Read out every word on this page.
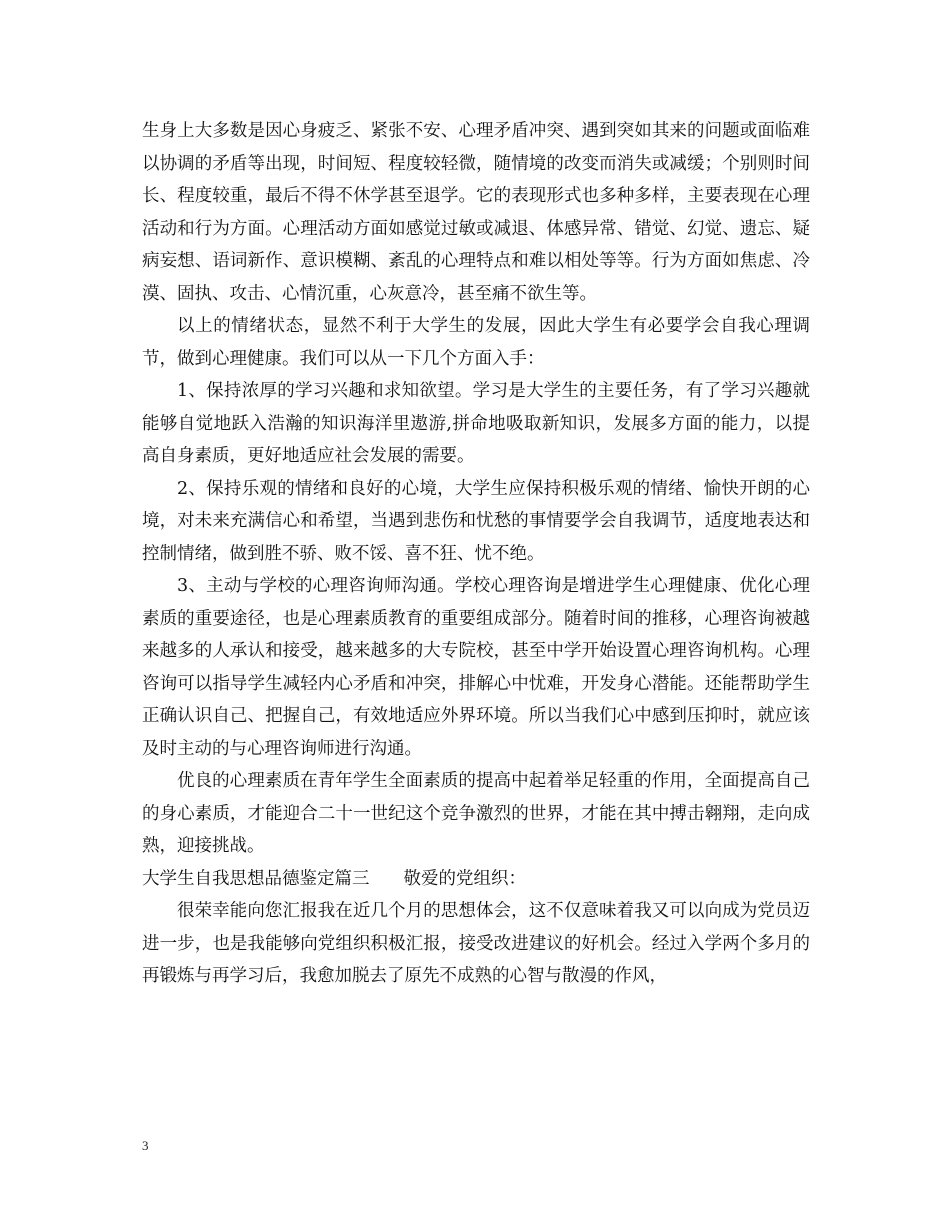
生身上大多数是因心身疲乏、紧张不安、心理矛盾冲突、遇到突如其来的问题或面临难以协调的矛盾等出现，时间短、程度较轻微，随情境的改变而消失或减缓；个别则时间长、程度较重，最后不得不休学甚至退学。它的表现形式也多种多样，主要表现在心理活动和行为方面。心理活动方面如感觉过敏或减退、体感异常、错觉、幻觉、遗忘、疑病妄想、语词新作、意识模糊、紊乱的心理特点和难以相处等等。行为方面如焦虑、冷漠、固执、攻击、心情沉重，心灰意冷，甚至痛不欲生等。

以上的情绪状态，显然不利于大学生的发展，因此大学生有必要学会自我心理调节，做到心理健康。我们可以从一下几个方面入手：

1、保持浓厚的学习兴趣和求知欲望。学习是大学生的主要任务，有了学习兴趣就能够自觉地跃入浩瀚的知识海洋里遨游,拼命地吸取新知识，发展多方面的能力，以提高自身素质，更好地适应社会发展的需要。

2、保持乐观的情绪和良好的心境，大学生应保持积极乐观的情绪、愉快开朗的心境，对未来充满信心和希望，当遇到悲伤和忧愁的事情要学会自我调节，适度地表达和控制情绪，做到胜不骄、败不馁、喜不狂、忧不绝。

3、主动与学校的心理咨询师沟通。学校心理咨询是增进学生心理健康、优化心理素质的重要途径，也是心理素质教育的重要组成部分。随着时间的推移，心理咨询被越来越多的人承认和接受，越来越多的大专院校，甚至中学开始设置心理咨询机构。心理咨询可以指导学生减轻内心矛盾和冲突，排解心中忧难，开发身心潜能。还能帮助学生正确认识自己、把握自己，有效地适应外界环境。所以当我们心中感到压抑时，就应该及时主动的与心理咨询师进行沟通。

优良的心理素质在青年学生全面素质的提高中起着举足轻重的作用，全面提高自己的身心素质，才能迎合二十一世纪这个竞争激烈的世界，才能在其中搏击翱翔，走向成熟，迎接挑战。

大学生自我思想品德鉴定篇三 敬爱的党组织：

很荣幸能向您汇报我在近几个月的思想体会，这不仅意味着我又可以向成为党员迈进一步，也是我能够向党组织积极汇报，接受改进建议的好机会。经过入学两个多月的再锻炼与再学习后，我愈加脱去了原先不成熟的心智与散漫的作风，

3
